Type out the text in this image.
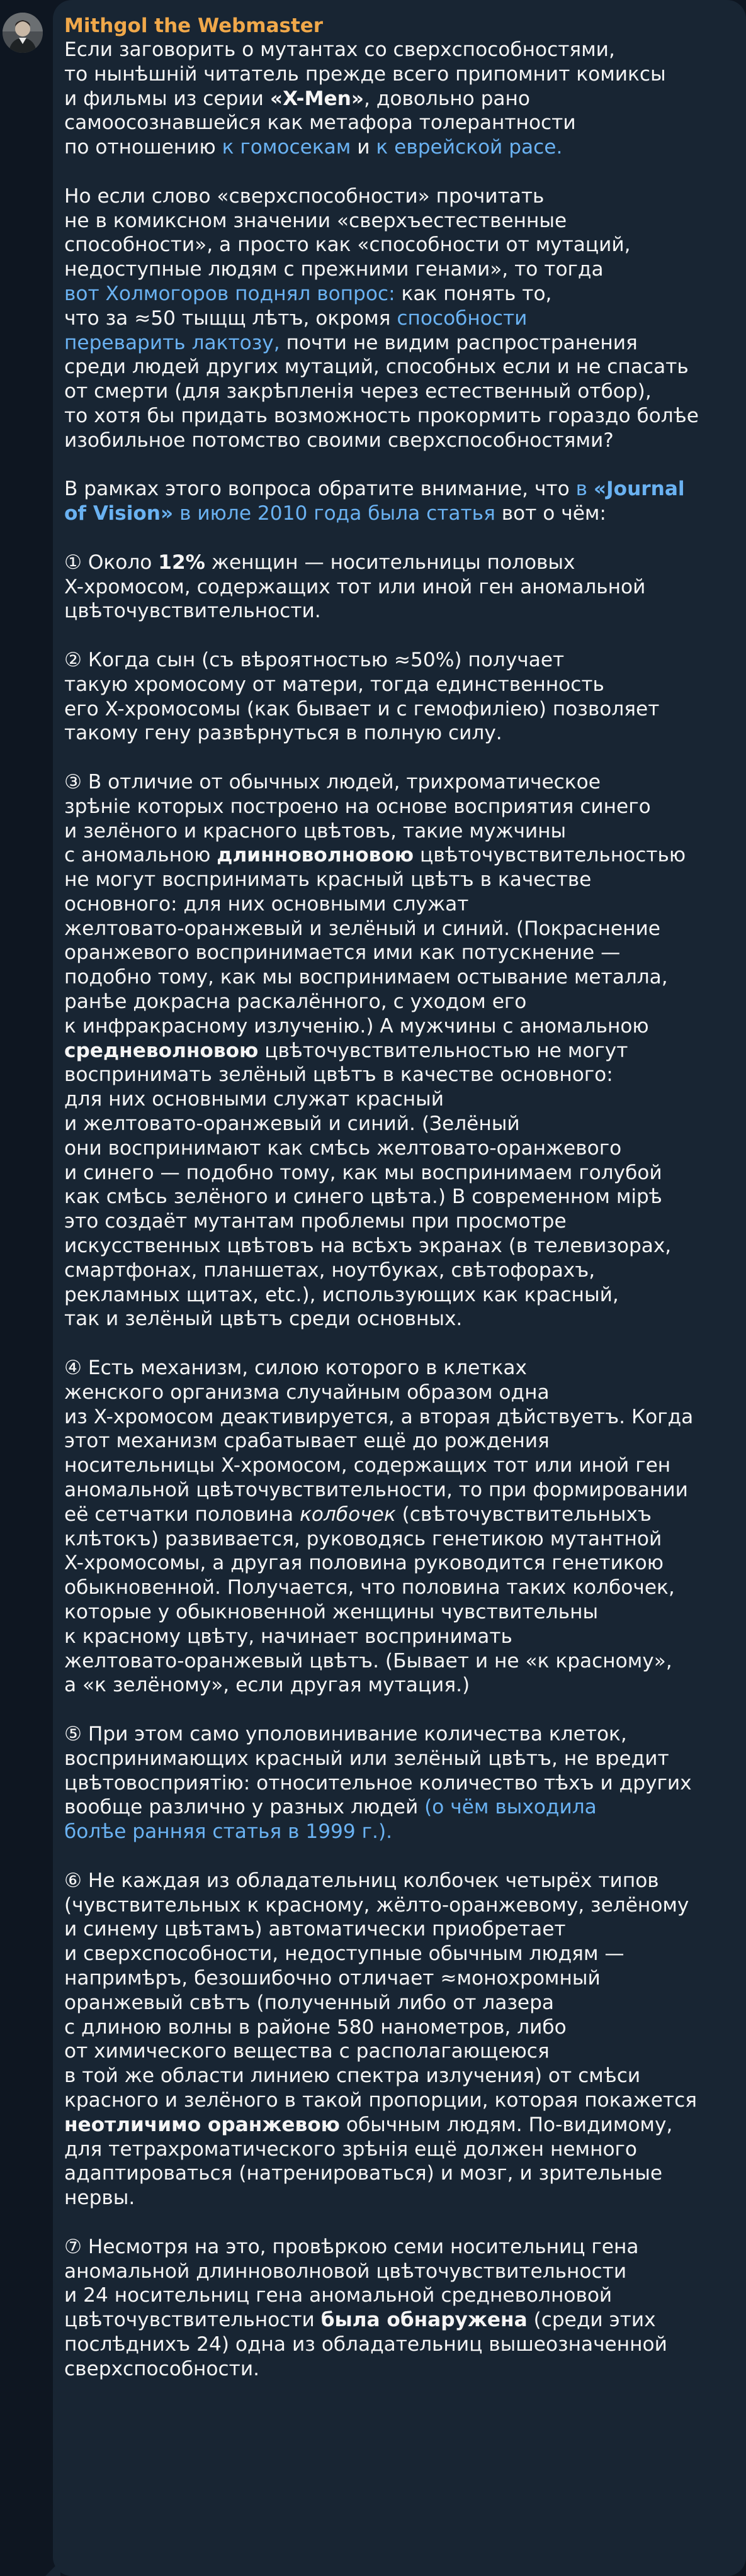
Mithgol the Webmaster
Если заговорить о мутантах со сверхспособностями,
то нынѣшній читатель прежде всего припомнит комиксы
и фильмы из серии «X-Men», довольно рано
самоосознавшейся как метафора толерантности
по отношению к гомосекам и к еврейской расе.
Но если слово «сверхспособности» прочитать
не в комиксном значении «сверхъестественные
способности», а просто как «способности от мутаций,
недоступные людям с прежними генами», то тогда
вот Холмогоров поднял вопрос: как понять то,
что за ≈50 тыщщ лѣтъ, окромя способности
переварить лактозу, почти не видим распространения
среди людей других мутаций, способных если и не спасать
от смерти (для закрѣпленія через естественный отбор),
то хотя бы придать возможность прокормить гораздо болѣе
изобильное потомство своими сверхспособностями?
В рамках этого вопроса обратите внимание, что в «Journal
of Vision» в июле 2010 года была статья вот о чём:
① Около 12% женщин — носительницы половых
X-хромосом, содержащих тот или иной ген аномальной
цвѣточувствительности.
② Когда сын (съ вѣроятностью ≈50%) получает
такую хромосому от матери, тогда единственность
его X-хромосомы (как бывает и с гемофиліею) позволяет
такому гену развѣрнуться в полную силу.
③ В отличие от обычных людей, трихроматическое
зрѣніе которых построено на основе восприятия синего
и зелёного и красного цвѣтовъ, такие мужчины
с аномальною длинноволновою цвѣточувствительностью
не могут воспринимать красный цвѣтъ в качестве
основного: для них основными служат
желтовато-оранжевый и зелёный и синий. (Покраснение
оранжевого воспринимается ими как потускнение —
подобно тому, как мы воспринимаем остывание металла,
ранѣе докрасна раскалённого, с уходом его
к инфракрасному излученію.) А мужчины с аномальною
средневолновою цвѣточувствительностью не могут
воспринимать зелёный цвѣтъ в качестве основного:
для них основными служат красный
и желтовато-оранжевый и синий. (Зелёный
они воспринимают как смѣсь желтовато-оранжевого
и синего — подобно тому, как мы воспринимаем голубой
как смѣсь зелёного и синего цвѣта.) В современном мірѣ
это создаёт мутантам проблемы при просмотре
искусственных цвѣтовъ на всѣхъ экранах (в телевизорах,
смартфонах, планшетах, ноутбуках, свѣтофорахъ,
рекламных щитах, etc.), использующих как красный,
так и зелёный цвѣтъ среди основных.
④ Есть механизм, силою которого в клетках
женского организма случайным образом одна
из X-хромосом деактивируется, а вторая дѣйствуетъ. Когда
этот механизм срабатывает ещё до рождения
носительницы X-хромосом, содержащих тот или иной ген
аномальной цвѣточувствительности, то при формировании
её сетчатки половина колбочек (свѣточувствительныхъ
клѣтокъ) развивается, руководясь генетикою мутантной
X-хромосомы, а другая половина руководится генетикою
обыкновенной. Получается, что половина таких колбочек,
которые у обыкновенной женщины чувствительны
к красному цвѣту, начинает воспринимать
желтовато-оранжевый цвѣтъ. (Бывает и не «к красному»,
а «к зелёному», если другая мутация.)
⑤ При этом само уполовинивание количества клеток,
воспринимающих красный или зелёный цвѣтъ, не вредит
цвѣтовосприятію: относительное количество тѣхъ и других
вообще различно у разных людей (о чём выходила
болѣе ранняя статья в 1999 г.).
⑥ Не каждая из обладательниц колбочек четырёх типов
(чувствительных к красному, жёлто-оранжевому, зелёному
и синему цвѣтамъ) автоматически приобретает
и сверхспособности, недоступные обычным людям —
напримѣръ, безошибочно отличает ≈монохромный
оранжевый свѣтъ (полученный либо от лазера
с длиною волны в районе 580 нанометров, либо
от химического вещества с располагающеюся
в той же области линиею спектра излучения) от смѣси
красного и зелёного в такой пропорции, которая покажется
неотличимо оранжевою обычным людям. По-видимому,
для тетрахроматического зрѣнія ещё должен немного
адаптироваться (натренироваться) и мозг, и зрительные
нервы.
⑦ Несмотря на это, провѣркою семи носительниц гена
аномальной длинноволновой цвѣточувствительности
и 24 носительниц гена аномальной средневолновой
цвѣточувствительности была обнаружена (среди этих
послѣднихъ 24) одна из обладательниц вышеозначенной
сверхспособности.
